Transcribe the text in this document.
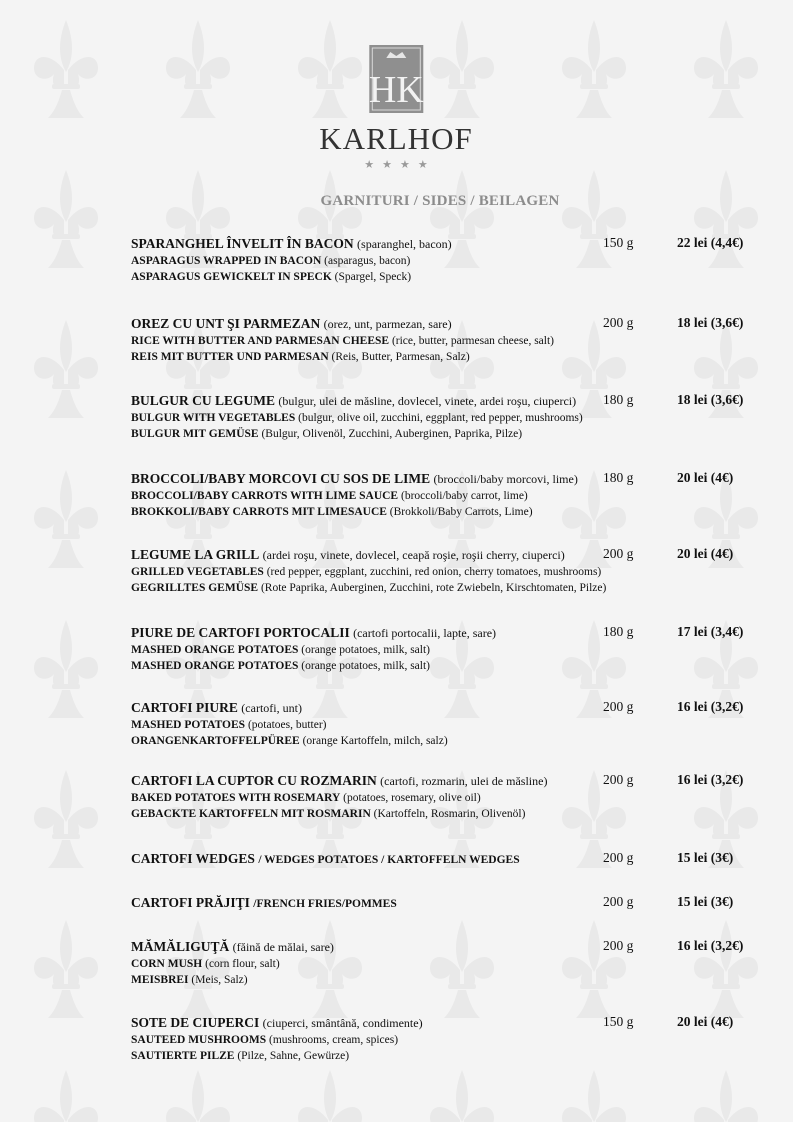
HK
KARLHOF
★★★★
GARNITURI / SIDES / BEILAGEN
SPARANGHEL ÎNVELIT ÎN BACON (sparanghel, bacon)
ASPARAGUS WRAPPED IN BACON (asparagus, bacon)
ASPARAGUS GEWICKELT IN SPECK (Spargel, Speck)
150 g	22 lei (4,4€)
OREZ CU UNT ŞI PARMEZAN (orez, unt, parmezan, sare)
RICE WITH BUTTER AND PARMESAN CHEESE (rice, butter, parmesan cheese, salt)
REIS MIT BUTTER UND PARMESAN (Reis, Butter, Parmesan, Salz)
200 g	18 lei (3,6€)
BULGUR CU LEGUME (bulgur, ulei de măsline, dovlecel, vinete, ardei roşu, ciuperci)
BULGUR WITH VEGETABLES (bulgur, olive oil, zucchini, eggplant, red pepper, mushrooms)
BULGUR MIT GEMÜSE (Bulgur, Olivenöl, Zucchini, Auberginen, Paprika, Pilze)
180 g	18 lei (3,6€)
BROCCOLI/BABY MORCOVI CU SOS DE LIME (broccoli/baby morcovi, lime)
BROCCOLI/BABY CARROTS WITH LIME SAUCE (broccoli/baby carrot, lime)
BROKKOLI/BABY CARROTS MIT LIMESAUCE (Brokkoli/Baby Carrots, Lime)
180 g	20 lei (4€)
LEGUME LA GRILL (ardei roşu, vinete, dovlecel, ceapă roşie, roşii cherry, ciuperci)
GRILLED VEGETABLES (red pepper, eggplant, zucchini, red onion, cherry tomatoes, mushrooms)
GEGRILLTES GEMÜSE (Rote Paprika, Auberginen, Zucchini, rote Zwiebeln, Kirschtomaten, Pilze)
200 g	20 lei (4€)
PIURE DE CARTOFI PORTOCALII (cartofi portocalii, lapte, sare)
MASHED ORANGE POTATOES (orange potatoes, milk, salt)
MASHED ORANGE POTATOES (orange potatoes, milk, salt)
180 g	17 lei (3,4€)
CARTOFI PIURE (cartofi, unt)
MASHED POTATOES (potatoes, butter)
ORANGENKARTOFFELPÜREE (orange Kartoffeln, milch, salz)
200 g	16 lei (3,2€)
CARTOFI LA CUPTOR CU ROZMARIN (cartofi, rozmarin, ulei de măsline)
BAKED POTATOES WITH ROSEMARY (potatoes, rosemary, olive oil)
GEBACKTE KARTOFFELN MIT ROSMARIN (Kartoffeln, Rosmarin, Olivenöl)
200 g	16 lei (3,2€)
CARTOFI WEDGES / WEDGES POTATOES / KARTOFFELN WEDGES	200 g	15 lei (3€)
CARTOFI PRĂJIŢI /FRENCH FRIES/POMMES	200 g	15 lei (3€)
MĂMĂLIGUŢĂ (făină de mălai, sare)
CORN MUSH (corn flour, salt)
MEISBREI (Meis, Salz)
200 g	16 lei (3,2€)
SOTE DE CIUPERCI (ciuperci, smântână, condimente)
SAUTEED MUSHROOMS (mushrooms, cream, spices)
SAUTIERTE PILZE (Pilze, Sahne, Gewürze)
150 g	20 lei (4€)
